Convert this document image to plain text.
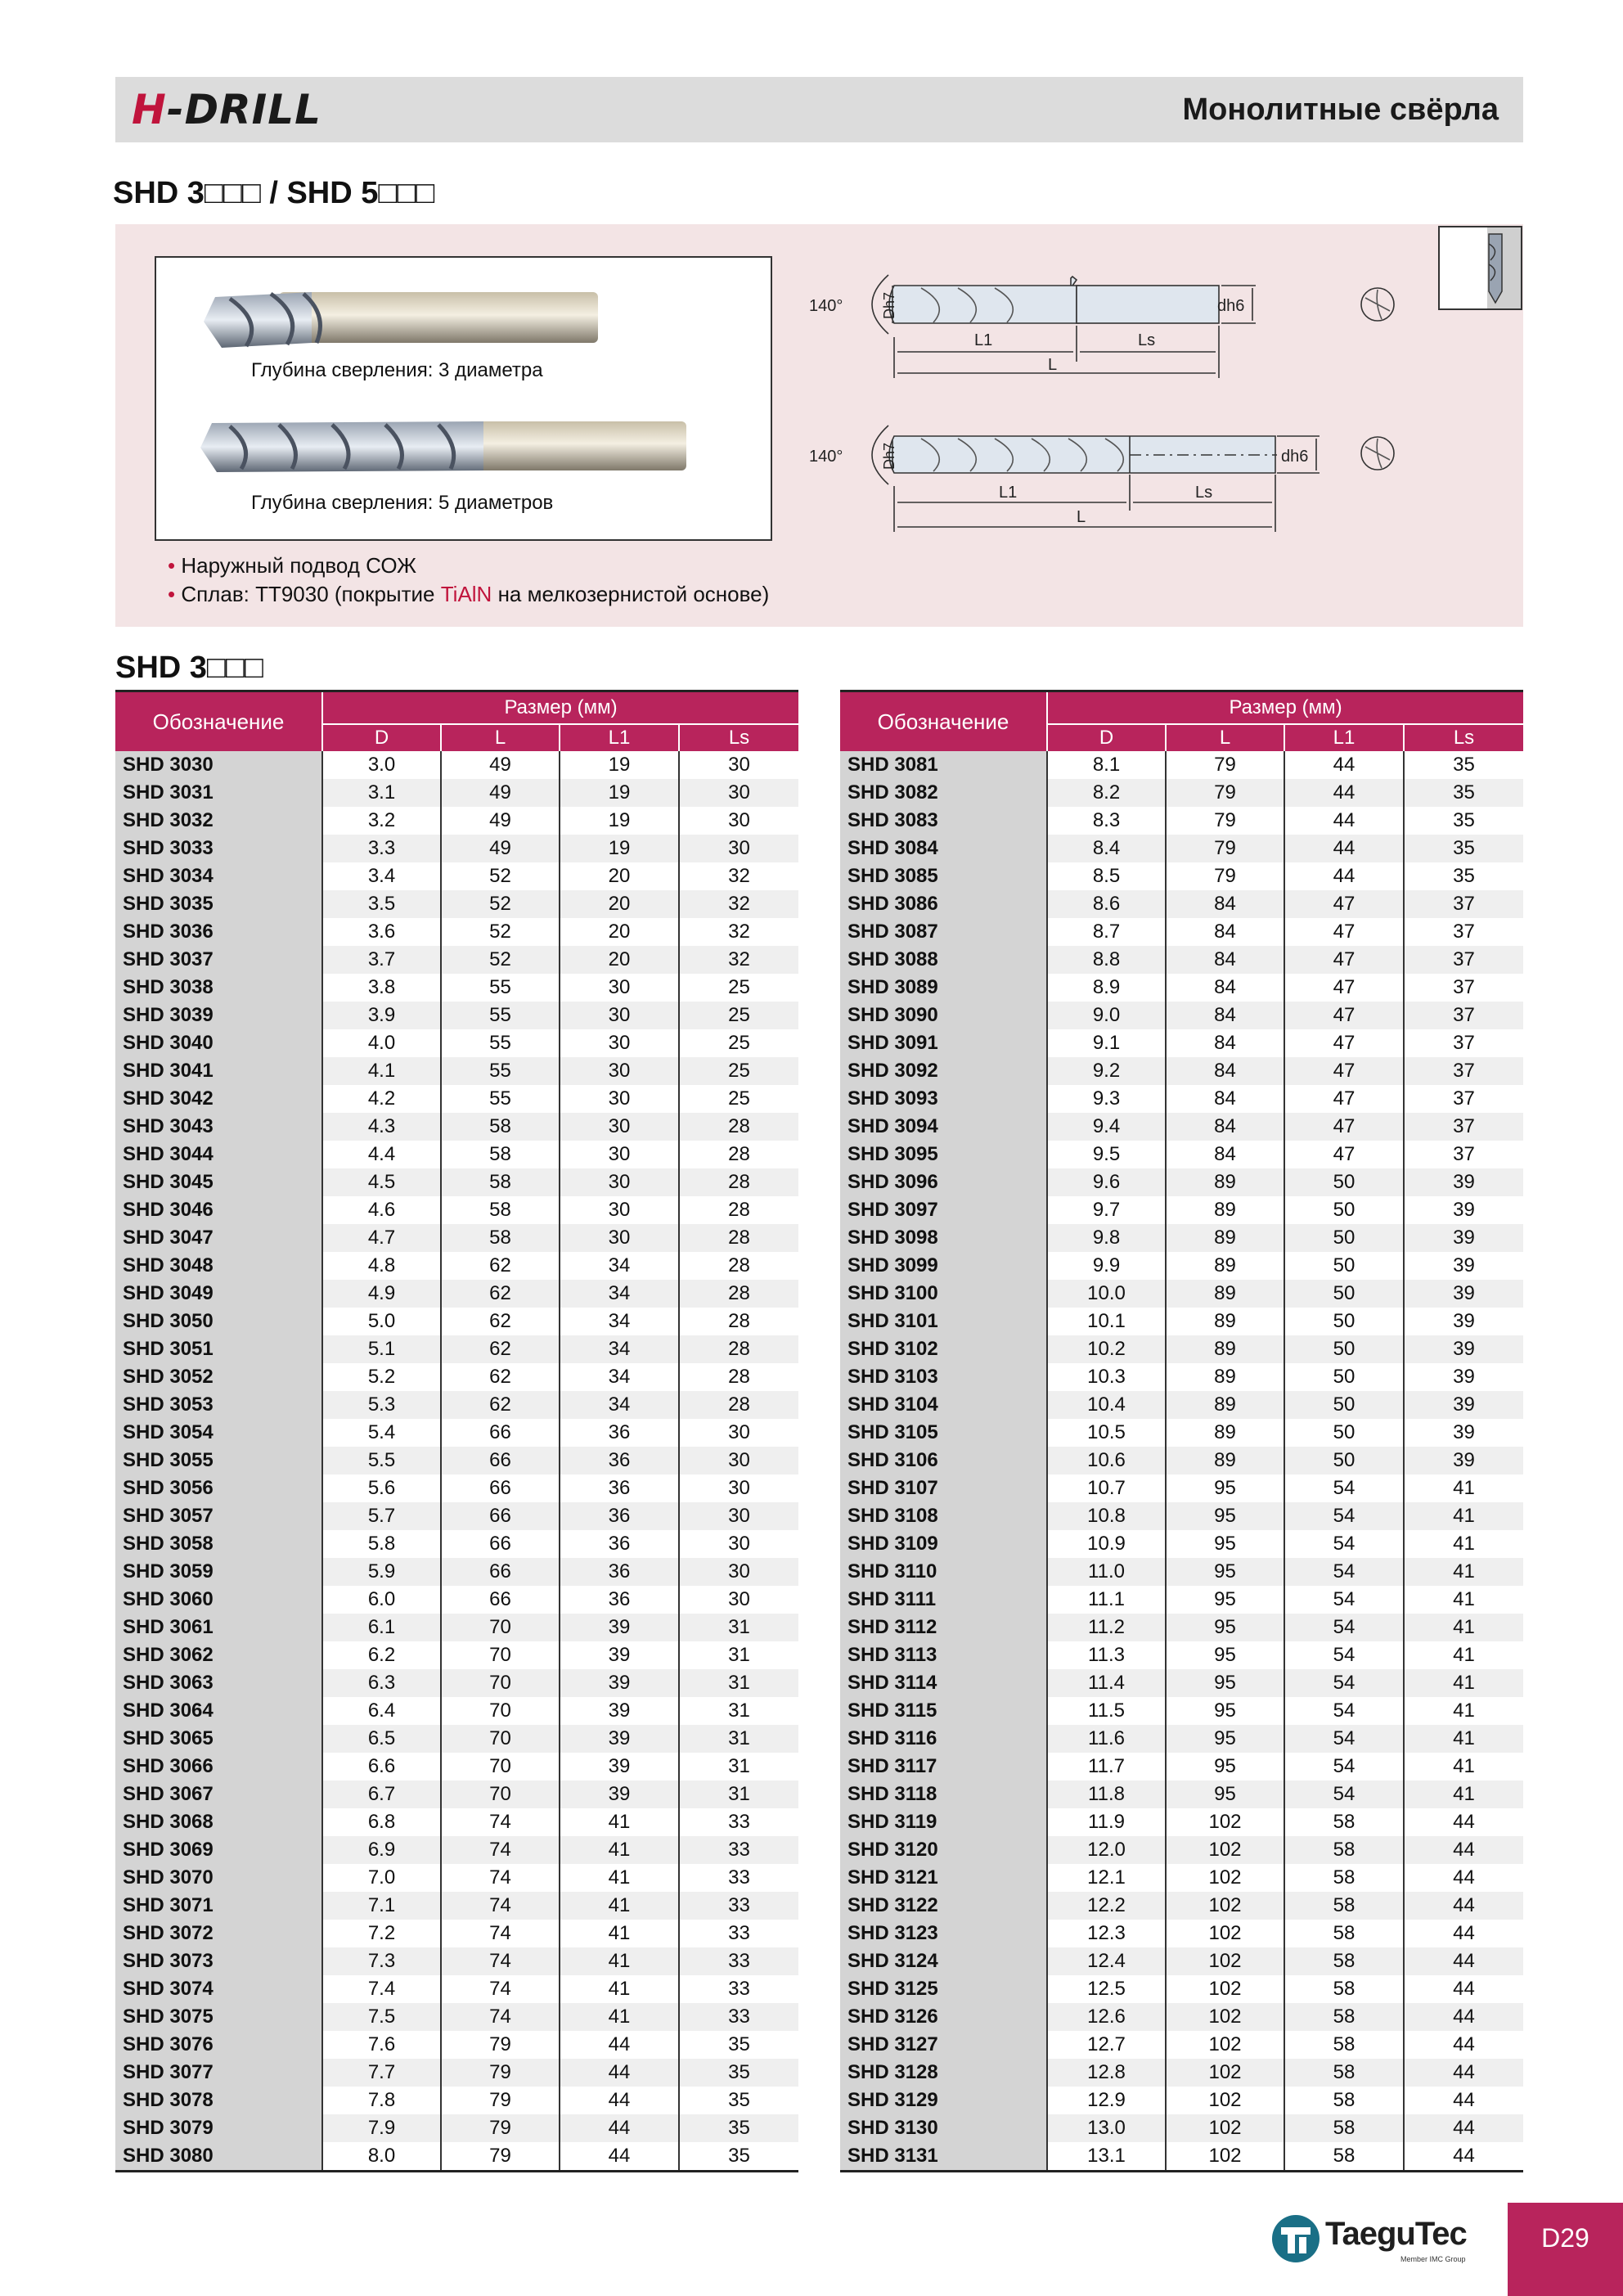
H-DRILL	Монолитные свёрла
SHD 3□□□ / SHD 5□□□
Глубина сверления: 3 диаметра
Глубина сверления: 5 диаметров
• Наружный подвод СОЖ
• Сплав: TT9030 (покрытие TiAlN на мелкозернистой основе)
140°	Dh7
L1	Ls
L
dh6
140°	Dh7
L1	Ls
L
dh6
SHD 3□□□
Обозначение	Размер (мм)			
	D	L	L1	Ls
SHD 3030	3.0	49	19	30
SHD 3031	3.1	49	19	30
SHD 3032	3.2	49	19	30
SHD 3033	3.3	49	19	30
SHD 3034	3.4	52	20	32
SHD 3035	3.5	52	20	32
SHD 3036	3.6	52	20	32
SHD 3037	3.7	52	20	32
SHD 3038	3.8	55	30	25
SHD 3039	3.9	55	30	25
SHD 3040	4.0	55	30	25
SHD 3041	4.1	55	30	25
SHD 3042	4.2	55	30	25
SHD 3043	4.3	58	30	28
SHD 3044	4.4	58	30	28
SHD 3045	4.5	58	30	28
SHD 3046	4.6	58	30	28
SHD 3047	4.7	58	30	28
SHD 3048	4.8	62	34	28
SHD 3049	4.9	62	34	28
SHD 3050	5.0	62	34	28
SHD 3051	5.1	62	34	28
SHD 3052	5.2	62	34	28
SHD 3053	5.3	62	34	28
SHD 3054	5.4	66	36	30
SHD 3055	5.5	66	36	30
SHD 3056	5.6	66	36	30
SHD 3057	5.7	66	36	30
SHD 3058	5.8	66	36	30
SHD 3059	5.9	66	36	30
SHD 3060	6.0	66	36	30
SHD 3061	6.1	70	39	31
SHD 3062	6.2	70	39	31
SHD 3063	6.3	70	39	31
SHD 3064	6.4	70	39	31
SHD 3065	6.5	70	39	31
SHD 3066	6.6	70	39	31
SHD 3067	6.7	70	39	31
SHD 3068	6.8	74	41	33
SHD 3069	6.9	74	41	33
SHD 3070	7.0	74	41	33
SHD 3071	7.1	74	41	33
SHD 3072	7.2	74	41	33
SHD 3073	7.3	74	41	33
SHD 3074	7.4	74	41	33
SHD 3075	7.5	74	41	33
SHD 3076	7.6	79	44	35
SHD 3077	7.7	79	44	35
SHD 3078	7.8	79	44	35
SHD 3079	7.9	79	44	35
SHD 3080	8.0	79	44	35
Обозначение	Размер (мм)			
	D	L	L1	Ls
SHD 3081	8.1	79	44	35
SHD 3082	8.2	79	44	35
SHD 3083	8.3	79	44	35
SHD 3084	8.4	79	44	35
SHD 3085	8.5	79	44	35
SHD 3086	8.6	84	47	37
SHD 3087	8.7	84	47	37
SHD 3088	8.8	84	47	37
SHD 3089	8.9	84	47	37
SHD 3090	9.0	84	47	37
SHD 3091	9.1	84	47	37
SHD 3092	9.2	84	47	37
SHD 3093	9.3	84	47	37
SHD 3094	9.4	84	47	37
SHD 3095	9.5	84	47	37
SHD 3096	9.6	89	50	39
SHD 3097	9.7	89	50	39
SHD 3098	9.8	89	50	39
SHD 3099	9.9	89	50	39
SHD 3100	10.0	89	50	39
SHD 3101	10.1	89	50	39
SHD 3102	10.2	89	50	39
SHD 3103	10.3	89	50	39
SHD 3104	10.4	89	50	39
SHD 3105	10.5	89	50	39
SHD 3106	10.6	89	50	39
SHD 3107	10.7	95	54	41
SHD 3108	10.8	95	54	41
SHD 3109	10.9	95	54	41
SHD 3110	11.0	95	54	41
SHD 3111	11.1	95	54	41
SHD 3112	11.2	95	54	41
SHD 3113	11.3	95	54	41
SHD 3114	11.4	95	54	41
SHD 3115	11.5	95	54	41
SHD 3116	11.6	95	54	41
SHD 3117	11.7	95	54	41
SHD 3118	11.8	95	54	41
SHD 3119	11.9	102	58	44
SHD 3120	12.0	102	58	44
SHD 3121	12.1	102	58	44
SHD 3122	12.2	102	58	44
SHD 3123	12.3	102	58	44
SHD 3124	12.4	102	58	44
SHD 3125	12.5	102	58	44
SHD 3126	12.6	102	58	44
SHD 3127	12.7	102	58	44
SHD 3128	12.8	102	58	44
SHD 3129	12.9	102	58	44
SHD 3130	13.0	102	58	44
SHD 3131	13.1	102	58	44
TaeguTec
Member IMC Group
D29
